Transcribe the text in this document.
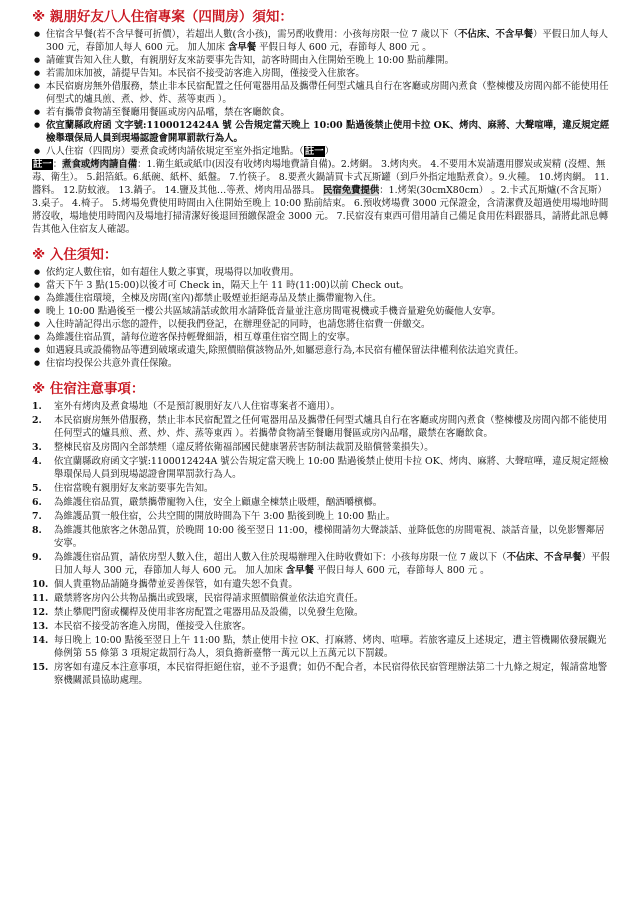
※ 親朋好友八人住宿專案（四間房）須知：
● 住宿含早餐(若不含早餐可折價），若超出人數(含小孩)，需另酌收費用：小孩每房限一位 7 歲以下（不佔床、不含早餐）平假日加人每人 300 元，春節加人每人 600 元。 加人加床 含早餐 平假日每人 600 元，春節每人 800 元 。
● 請確實告知入住人數，有親朋好友來訪要事先告知，訪客時間由入住開始至晚上 10:00 點前離開。
● 若需加床加被，請提早告知。本民宿不接受訪客進入房間，僅接受入住旅客。
● 本民宿廚房無外借服務，禁止非本民宿配置之任何電器用品及攜帶任何型式爐具自行在客廳或房間內煮食（整棟樓及房間內都不能使用任何型式的爐具煎、煮、炒、炸、蒸等東西 ）。
● 若有攜帶食物請至餐廳用餐區或房內品嚐，禁在客廳飲食。
● 依宜蘭縣政府函 文字號:1100012424A 號 公告規定當天晚上 10:00 點過後禁止使用卡拉 OK、烤肉、麻將、大聲喧嘩，違反規定經檢舉環保局人員到現場認證會開單罰款行為人。
● 八人住宿（四間房）要煮食或烤肉請依規定至室外指定地點。（註一）

註一：煮食或烤肉請自備：1.衛生紙或紙巾(因沒有收烤肉場地費請自備)。2.烤網。 3.烤肉夾。 4.不要用木炭請選用膠炭或炭精 (沒煙、無毒、衛生）。 5.鋁箔紙。6.紙碗、紙杯、紙盤。 7.竹筷子。 8.要煮火鍋請買卡式瓦斯罐（到戶外指定地點煮食）。9.火種。 10.烤肉網。 11.醬料。 12.防蚊液。 13.鍋子。 14.鹽及其他…等煮、烤肉用品器具。 民宿免費提供：1.烤架(30cmX80cm） 。2.卡式瓦斯爐(不含瓦斯） 3.桌子。 4.椅子。 5.烤場免費使用時間由入住開始至晚上 10:00 點前結束。 6.預收烤場費 3000 元保證金，含清潔費及超過使用場地時間將沒收，場地使用時間內及場地打掃清潔好後退回預繳保證金 3000 元。 7.民宿沒有東西可借用請自己備足食用佐料跟器具，請將此訊息轉告其他入住宿友人確認。

※ 入住須知：
● 依約定人數住宿，如有超住人數之事實，現場得以加收費用。
● 當天下午 3 點(15:00)以後才可 Check in，隔天上午 11 時(11:00)以前 Check out。
● 為維護住宿環境，全棟及房間(室內)都禁止吸煙並拒絕毒品及禁止攜帶寵物入住。
● 晚上 10:00 點過後至一樓公共區域請話或飲用水請降低音量並注意房間電視機或手機音量避免妨礙他人安寧。
● 入住時請記得出示您的證件，以便我們登記，在辦理登記的同時，也請您將住宿費一併繳交。
● 為維護住宿品質，請每位遊客保持輕聲細語，相互尊重住宿空間上的安寧。
● 如遇寢具或設備物品等遭到破壞或遺失,除照價賠償該物品外,如屬惡意行為,本民宿有權保留法律權利依法追究責任。
● 住宿均投保公共意外責任保險。
※ 住宿注意事項：
1.	室外有烤肉及煮食場地（不是預訂親朋好友八人住宿專案者不適用）。
2.	本民宿廚房無外借服務，禁止非本民宿配置之任何電器用品及攜帶任何型式爐具自行在客廳或房間內煮食（整棟樓及房間內都不能使用任何型式的爐具煎、煮、炒、炸、蒸等東西 ）。若攜帶食物請至餐廳用餐區或房內品嚐，嚴禁在客廳飲食。
3.	整棟民宿及房間內全部禁煙（違反將依衛福部國民健康署菸害防制法裁罰及賠償營業損失）。
4.	依宜蘭縣政府函文字號:1100012424A 號公告規定當天晚上 10:00 點過後禁止使用卡拉 OK、烤肉、麻將、大聲喧嘩，違反規定經檢舉環保局人員到現場認證會開單罰款行為人。
5.	住宿當晚有親朋好友來訪要事先告知。
6.	為維護住宿品質，嚴禁攜帶寵物入住，安全上顧慮全棟禁止吸煙，酗酒嚼檳榔。
7.	為維護品質一般住宿，公共空間的開放時間為下午 3:00 點後到晚上 10:00 點止。
8.	為維護其他旅客之休憩品質，於晚間 10:00 後至翌日 11:00，樓梯間請勿大聲談話、並降低您的房間電視、談話音量，以免影響鄰居安寧。
9.	為維護住宿品質，請依房型人數入住，超出人數入住於現場辦理入住時收費如下：小孩每房限一位 7 歲以下（不佔床、不含早餐）平假日加人每人 300 元，春節加人每人 600 元。 加人加床 含早餐 平假日每人 600 元，春節每人 800 元 。
10. 個人貴重物品請隨身攜帶並妥善保管，如有遺失恕不負責。
11. 嚴禁將客房內公共物品攜出或毀壞，民宿得請求照價賠償並依法追究責任。
12. 禁止攀爬門窗或欄桿及使用非客房配置之電器用品及設備，以免發生危險。
13. 本民宿不接受訪客進入房間，僅接受入住旅客。
14. 每日晚上 10:00 點後至翌日上午 11:00 點，禁止使用卡拉 OK、打麻將、烤肉、喧嘩。若旅客違反上述規定，遭主管機關依發展觀光條例第 55 條第 3 項規定裁罰行為人，須負擔新臺幣一萬元以上五萬元以下罰鍰。
15. 房客如有違反本注意事項，本民宿得拒絕住宿，並不予退費；如仍不配合者，本民宿得依民宿管理辦法第二十九條之規定，報請當地警察機關派員協助處理。
